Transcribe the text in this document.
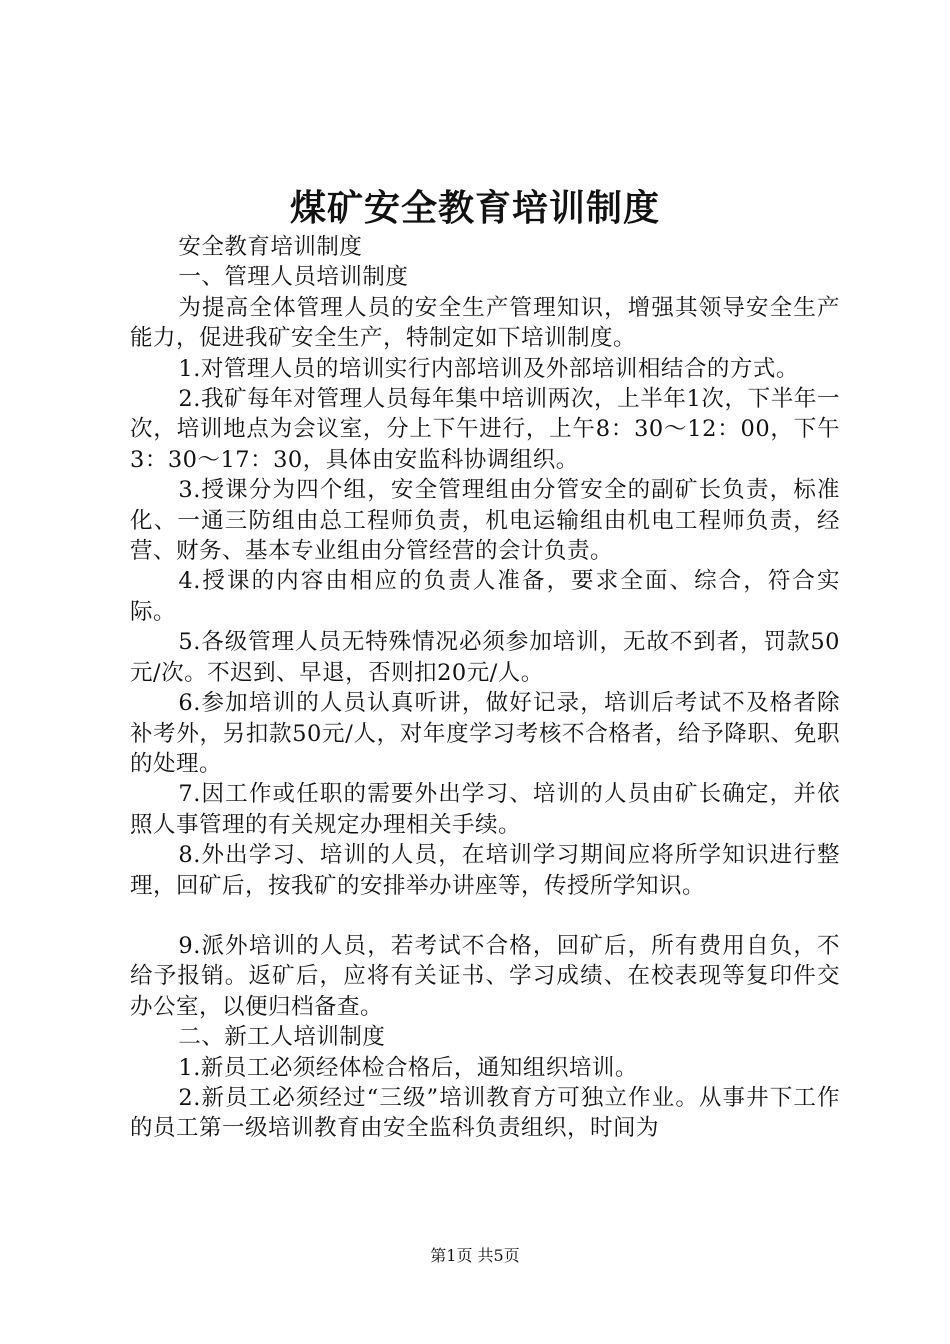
煤矿安全教育培训制度

安全教育培训制度

一、管理人员培训制度

为提高全体管理人员的安全生产管理知识，增强其领导安全生产能力，促进我矿安全生产，特制定如下培训制度。

1.对管理人员的培训实行内部培训及外部培训相结合的方式。

2.我矿每年对管理人员每年集中培训两次，上半年1次，下半年一次，培训地点为会议室，分上下午进行，上午8：30～12：00，下午3：30～17：30，具体由安监科协调组织。

3.授课分为四个组，安全管理组由分管安全的副矿长负责，标准化、一通三防组由总工程师负责，机电运输组由机电工程师负责，经营、财务、基本专业组由分管经营的会计负责。

4.授课的内容由相应的负责人准备，要求全面、综合，符合实际。

5.各级管理人员无特殊情况必须参加培训，无故不到者，罚款50元/次。不迟到、早退，否则扣20元/人。

6.参加培训的人员认真听讲，做好记录，培训后考试不及格者除补考外，另扣款50元/人，对年度学习考核不合格者，给予降职、免职的处理。

7.因工作或任职的需要外出学习、培训的人员由矿长确定，并依照人事管理的有关规定办理相关手续。

8.外出学习、培训的人员，在培训学习期间应将所学知识进行整理，回矿后，按我矿的安排举办讲座等，传授所学知识。

9.派外培训的人员，若考试不合格，回矿后，所有费用自负，不给予报销。返矿后，应将有关证书、学习成绩、在校表现等复印件交办公室，以便归档备查。

二、新工人培训制度

1.新员工必须经体检合格后，通知组织培训。

2.新员工必须经过“三级”培训教育方可独立作业。从事井下工作的员工第一级培训教育由安全监科负责组织，时间为

第1页 共5页
